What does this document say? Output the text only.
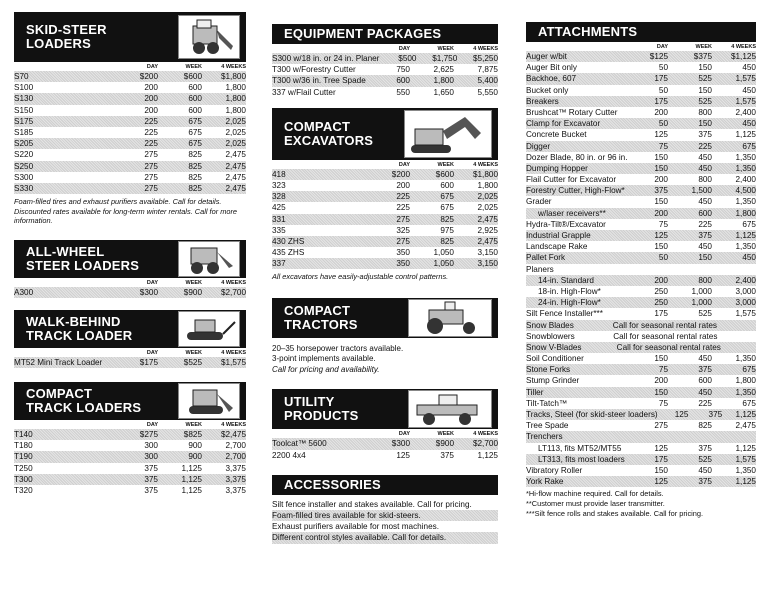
SKID-STEER
LOADERS
DAY	WEEK	4 WEEKS
S70	$200	$600	$1,800
S100	200	600	1,800
S130	200	600	1,800
S150	200	600	1,800
S175	225	675	2,025
S185	225	675	2,025
S205	225	675	2,025
S220	275	825	2,475
S250	275	825	2,475
S300	275	825	2,475
S330	275	825	2,475
Foam-filled tires and exhaust purifiers available. Call for details. Discounted rates available for long-term winter rentals. Call for more information.
ALL-WHEEL
STEER LOADERS
DAY	WEEK	4 WEEKS
A300	$300	$900	$2,700
WALK-BEHIND
TRACK LOADER
DAY	WEEK	4 WEEKS
MT52 Mini Track Loader	$175	$525	$1,575
COMPACT
TRACK LOADERS
DAY	WEEK	4 WEEKS
T140	$275	$825	$2,475
T180	300	900	2,700
T190	300	900	2,700
T250	375	1,125	3,375
T300	375	1,125	3,375
T320	375	1,125	3,375
EQUIPMENT PACKAGES
DAY	WEEK	4 WEEKS
S300 w/18 in. or 24 in. Planer	$500	$1,750	$5,250
T300 w/Forestry Cutter	750	2,625	7,875
T300 w/36 in. Tree Spade	600	1,800	5,400
337 w/Flail Cutter	550	1,650	5,550
COMPACT
EXCAVATORS
DAY	WEEK	4 WEEKS
418	$200	$600	$1,800
323	200	600	1,800
328	225	675	2,025
425	225	675	2,025
331	275	825	2,475
335	325	975	2,925
430 ZHS	275	825	2,475
435 ZHS	350	1,050	3,150
337	350	1,050	3,150
All excavators have easily-adjustable control patterns.
COMPACT
TRACTORS
20–35 horsepower tractors available.
3-point implements available.
Call for pricing and availability.
UTILITY
PRODUCTS
DAY	WEEK	4 WEEKS
Toolcat™ 5600	$300	$900	$2,700
2200 4x4	125	375	1,125
ACCESSORIES
Silt fence installer and stakes available. Call for pricing.
Foam-filled tires available for skid-steers.
Exhaust purifiers available for most machines.
Different control styles available. Call for details.
ATTACHMENTS
DAY	WEEK	4 WEEKS
Auger w/bit	$125	$375	$1,125
Auger Bit only	50	150	450
Backhoe, 607	175	525	1,575
Bucket only	50	150	450
Breakers	175	525	1,575
Brushcat™ Rotary Cutter	200	800	2,400
Clamp for Excavator	50	150	450
Concrete Bucket	125	375	1,125
Digger	75	225	675
Dozer Blade, 80 in. or 96 in.	150	450	1,350
Dumping Hopper	150	450	1,350
Flail Cutter for Excavator	200	800	2,400
Forestry Cutter, High-Flow*	375	1,500	4,500
Grader	150	450	1,350
w/laser receivers**	200	600	1,800
Hydra-Tilt®/Excavator	75	225	675
Industrial Grapple	125	375	1,125
Landscape Rake	150	450	1,350
Pallet Fork	50	150	450
Planers
14-in. Standard	200	800	2,400
18-in. High-Flow*	250	1,000	3,000
24-in. High-Flow*	250	1,000	3,000
Silt Fence Installer***	175	525	1,575
Snow Blades	Call for seasonal rental rates
Snowblowers	Call for seasonal rental rates
Snow V-Blades	Call for seasonal rental rates
Soil Conditioner	150	450	1,350
Stone Forks	75	375	675
Stump Grinder	200	600	1,800
Tiller	150	450	1,350
Tilt-Tatch™	75	225	675
Tracks, Steel (for skid-steer loaders)	125	375	1,125
Tree Spade	275	825	2,475
Trenchers
LT113, fits MT52/MT55	125	375	1,125
LT313, fits most loaders	175	525	1,575
Vibratory Roller	150	450	1,350
York Rake	125	375	1,125
*Hi-flow machine required. Call for details.
**Customer must provide laser transmitter.
***Silt fence rolls and stakes available. Call for pricing.
